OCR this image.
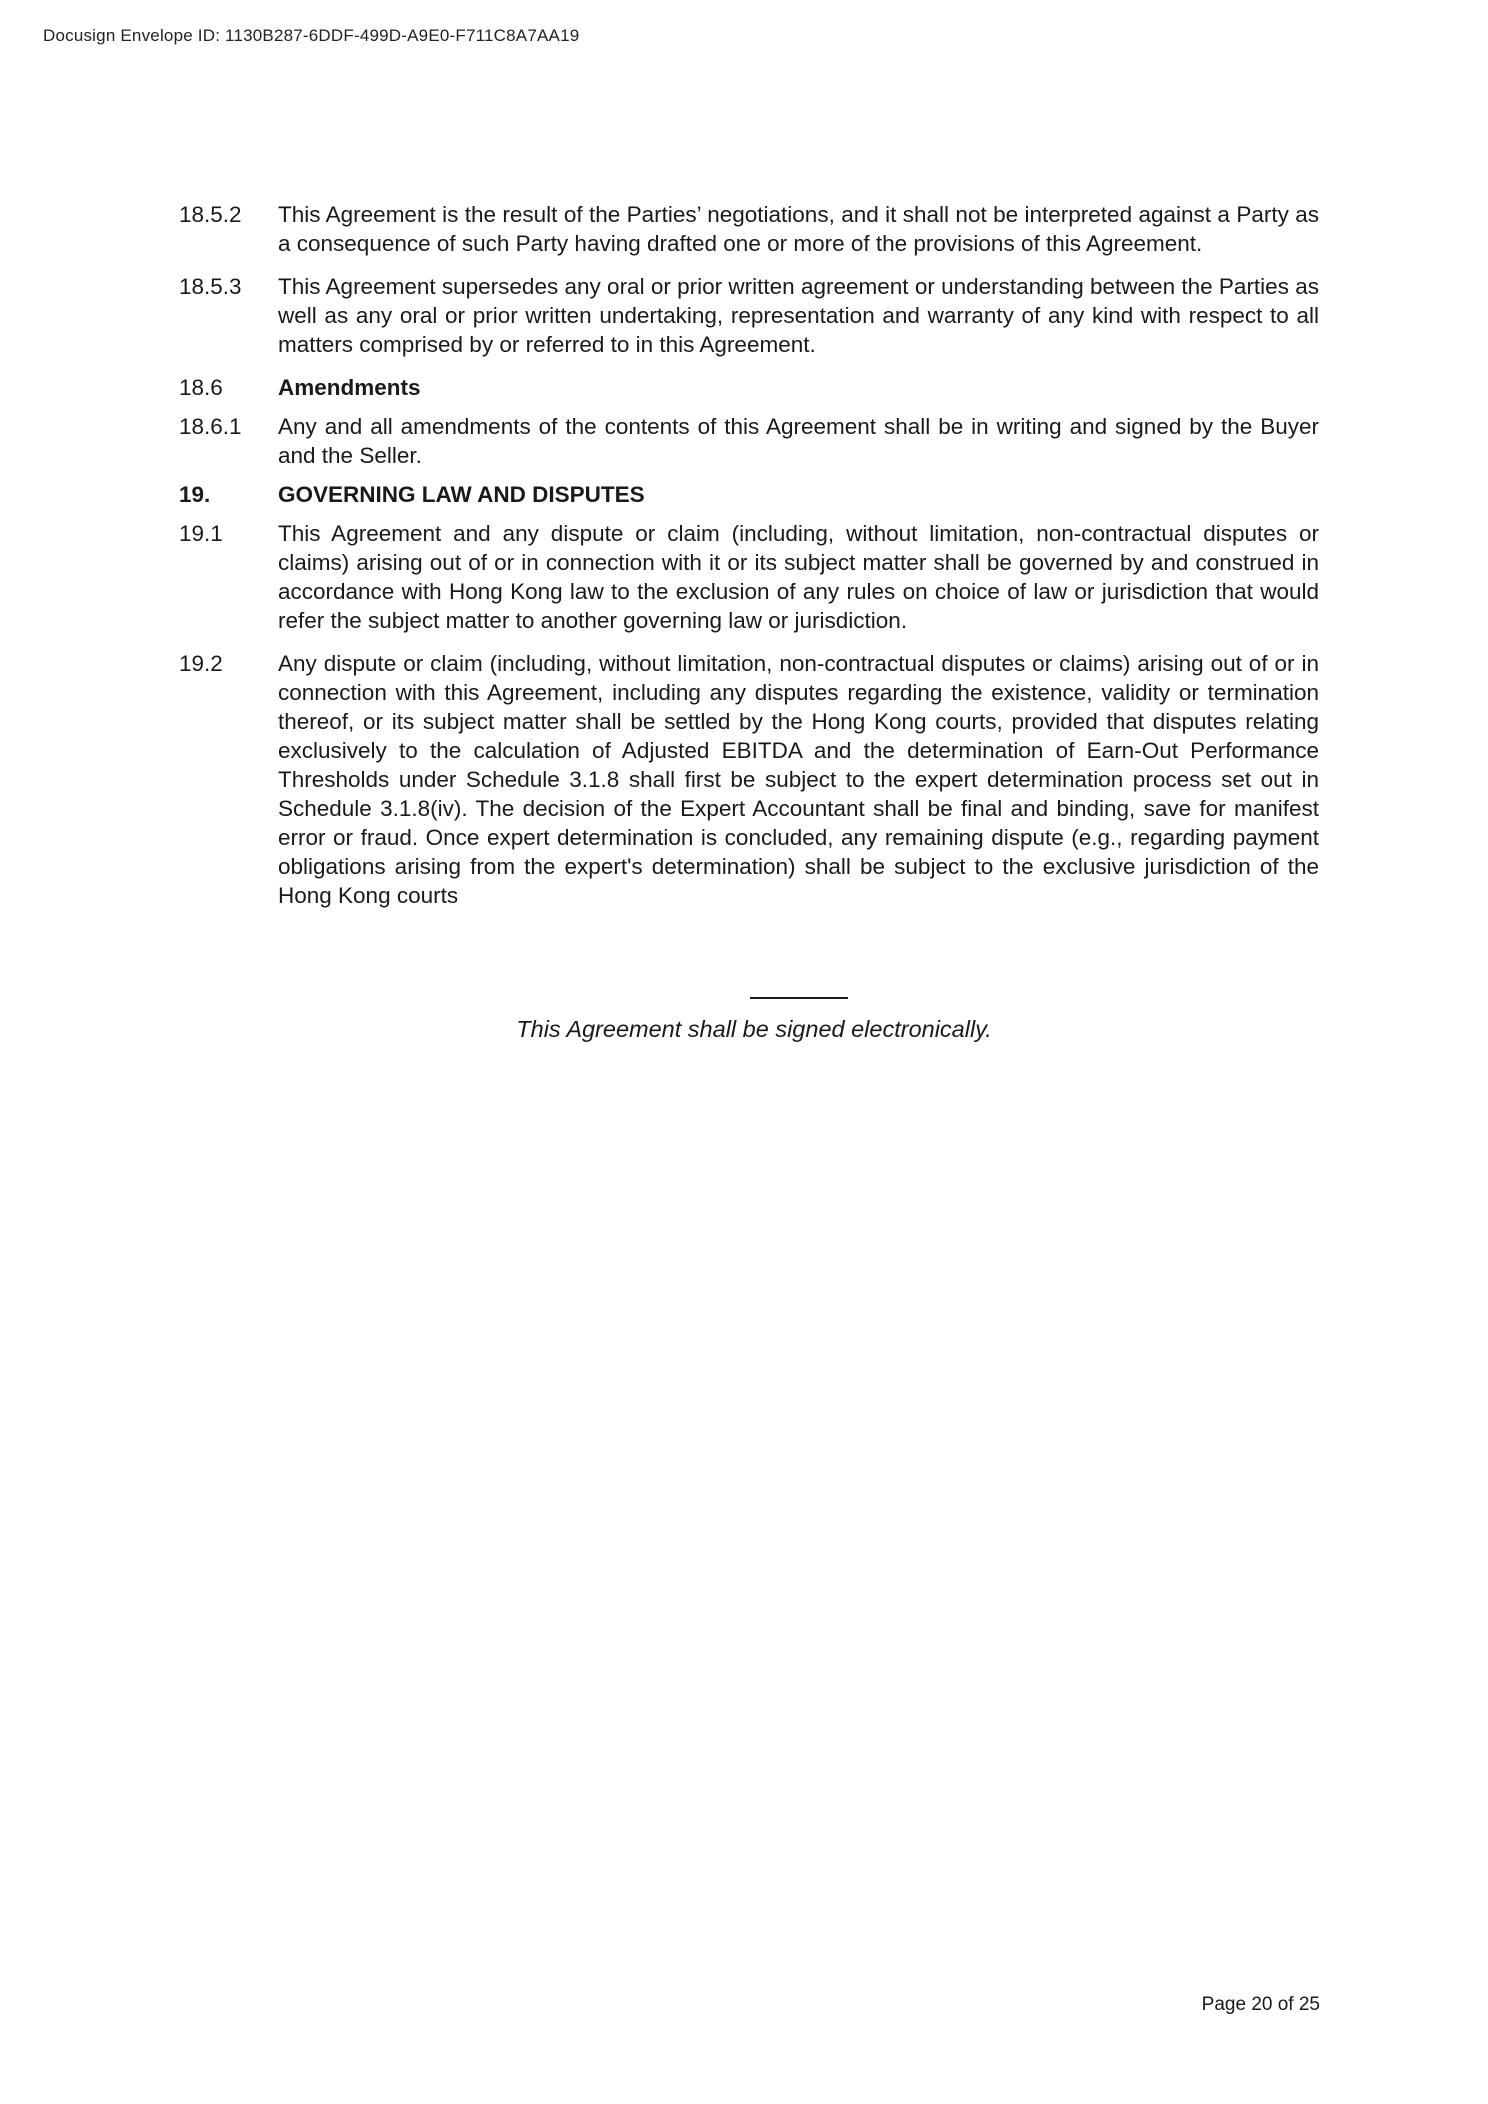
Docusign Envelope ID: 1130B287-6DDF-499D-A9E0-F711C8A7AA19
18.5.2	This Agreement is the result of the Parties’ negotiations, and it shall not be interpreted against a Party as a consequence of such Party having drafted one or more of the provisions of this Agreement.
18.5.3	This Agreement supersedes any oral or prior written agreement or understanding between the Parties as well as any oral or prior written undertaking, representation and warranty of any kind with respect to all matters comprised by or referred to in this Agreement.
18.6	Amendments
18.6.1	Any and all amendments of the contents of this Agreement shall be in writing and signed by the Buyer and the Seller.
19.	GOVERNING LAW AND DISPUTES
19.1	This Agreement and any dispute or claim (including, without limitation, non-contractual disputes or claims) arising out of or in connection with it or its subject matter shall be governed by and construed in accordance with Hong Kong law to the exclusion of any rules on choice of law or jurisdiction that would refer the subject matter to another governing law or jurisdiction.
19.2	Any dispute or claim (including, without limitation, non-contractual disputes or claims) arising out of or in connection with this Agreement, including any disputes regarding the existence, validity or termination thereof, or its subject matter shall be settled by the Hong Kong courts, provided that disputes relating exclusively to the calculation of Adjusted EBITDA and the determination of Earn-Out Performance Thresholds under Schedule 3.1.8 shall first be subject to the expert determination process set out in Schedule 3.1.8(iv). The decision of the Expert Accountant shall be final and binding, save for manifest error or fraud. Once expert determination is concluded, any remaining dispute (e.g., regarding payment obligations arising from the expert's determination) shall be subject to the exclusive jurisdiction of the Hong Kong courts
This Agreement shall be signed electronically.
Page 20 of 25
